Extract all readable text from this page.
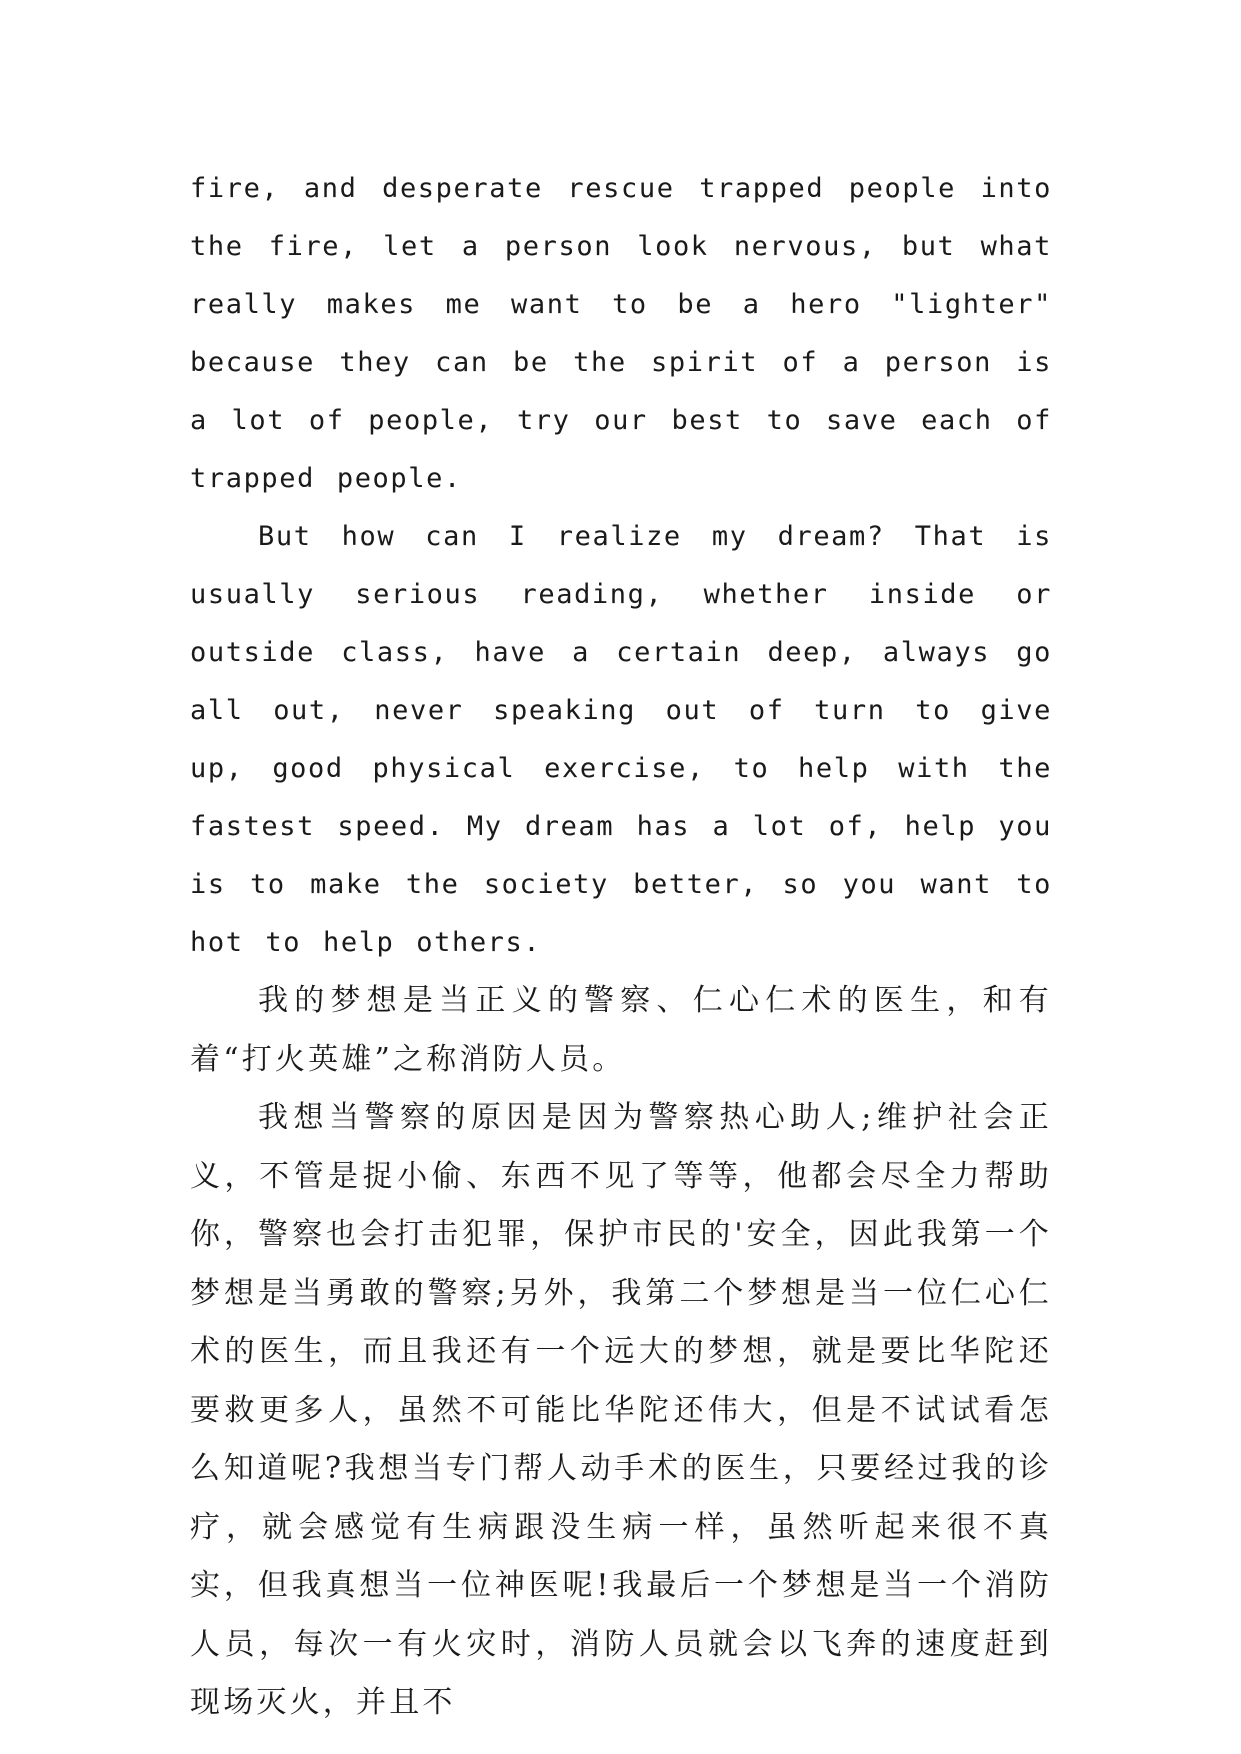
fire, and desperate rescue trapped people into the fire, let a person look nervous, but what really makes me want to be a hero "lighter" because they can be the spirit of a person is a lot of people, try our best to save each of trapped people.

But how can I realize my dream? That is usually serious reading, whether inside or outside class, have a certain deep, always go all out, never speaking out of turn to give up, good physical exercise, to help with the fastest speed. My dream has a lot of, help you is to make the society better, so you want to hot to help others.

我的梦想是当正义的警察、仁心仁术的医生，和有着“打火英雄”之称消防人员。

我想当警察的原因是因为警察热心助人;维护社会正义，不管是捉小偷、东西不见了等等，他都会尽全力帮助你，警察也会打击犯罪，保护市民的'安全，因此我第一个梦想是当勇敢的警察;另外，我第二个梦想是当一位仁心仁术的医生，而且我还有一个远大的梦想，就是要比华陀还要救更多人，虽然不可能比华陀还伟大，但是不试试看怎么知道呢?我想当专门帮人动手术的医生，只要经过我的诊疗，就会感觉有生病跟没生病一样，虽然听起来很不真实，但我真想当一位神医呢!我最后一个梦想是当一个消防人员，每次一有火灾时，消防人员就会以飞奔的速度赶到现场灭火，并且不
